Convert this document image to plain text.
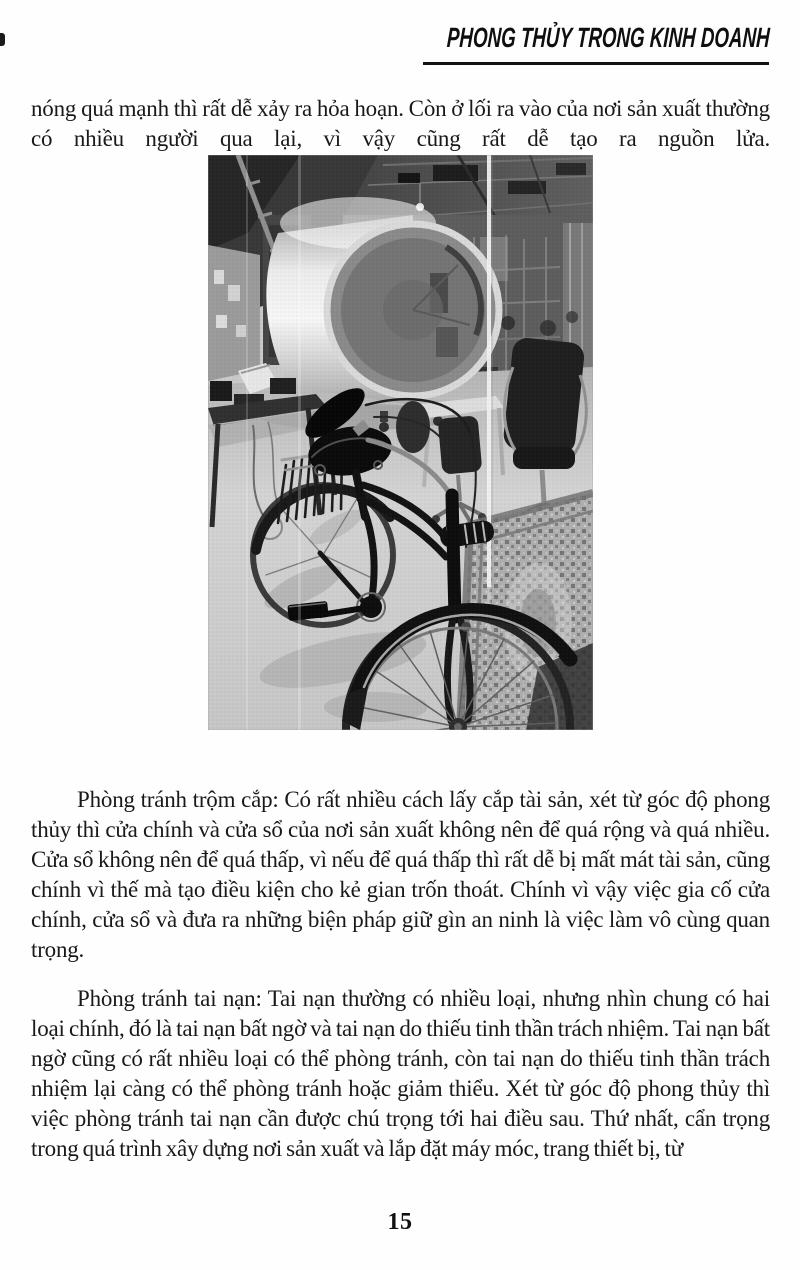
PHONG THỦY TRONG KINH DOANH

nóng quá mạnh thì rất dễ xảy ra hỏa hoạn. Còn ở lối ra vào của nơi sản xuất thường có nhiều người qua lại, vì vậy cũng rất dễ tạo ra nguồn lửa.

Phòng tránh trộm cắp: Có rất nhiều cách lấy cắp tài sản, xét từ góc độ phong thủy thì cửa chính và cửa sổ của nơi sản xuất không nên để quá rộng và quá nhiều. Cửa sổ không nên để quá thấp, vì nếu để quá thấp thì rất dễ bị mất mát tài sản, cũng chính vì thế mà tạo điều kiện cho kẻ gian trốn thoát. Chính vì vậy việc gia cố cửa chính, cửa sổ và đưa ra những biện pháp giữ gìn an ninh là việc làm vô cùng quan trọng.

Phòng tránh tai nạn: Tai nạn thường có nhiều loại, nhưng nhìn chung có hai loại chính, đó là tai nạn bất ngờ và tai nạn do thiếu tinh thần trách nhiệm. Tai nạn bất ngờ cũng có rất nhiều loại có thể phòng tránh, còn tai nạn do thiếu tinh thần trách nhiệm lại càng có thể phòng tránh hoặc giảm thiểu. Xét từ góc độ phong thủy thì việc phòng tránh tai nạn cần được chú trọng tới hai điều sau. Thứ nhất, cẩn trọng trong quá trình xây dựng nơi sản xuất và lắp đặt máy móc, trang thiết bị, từ

15
